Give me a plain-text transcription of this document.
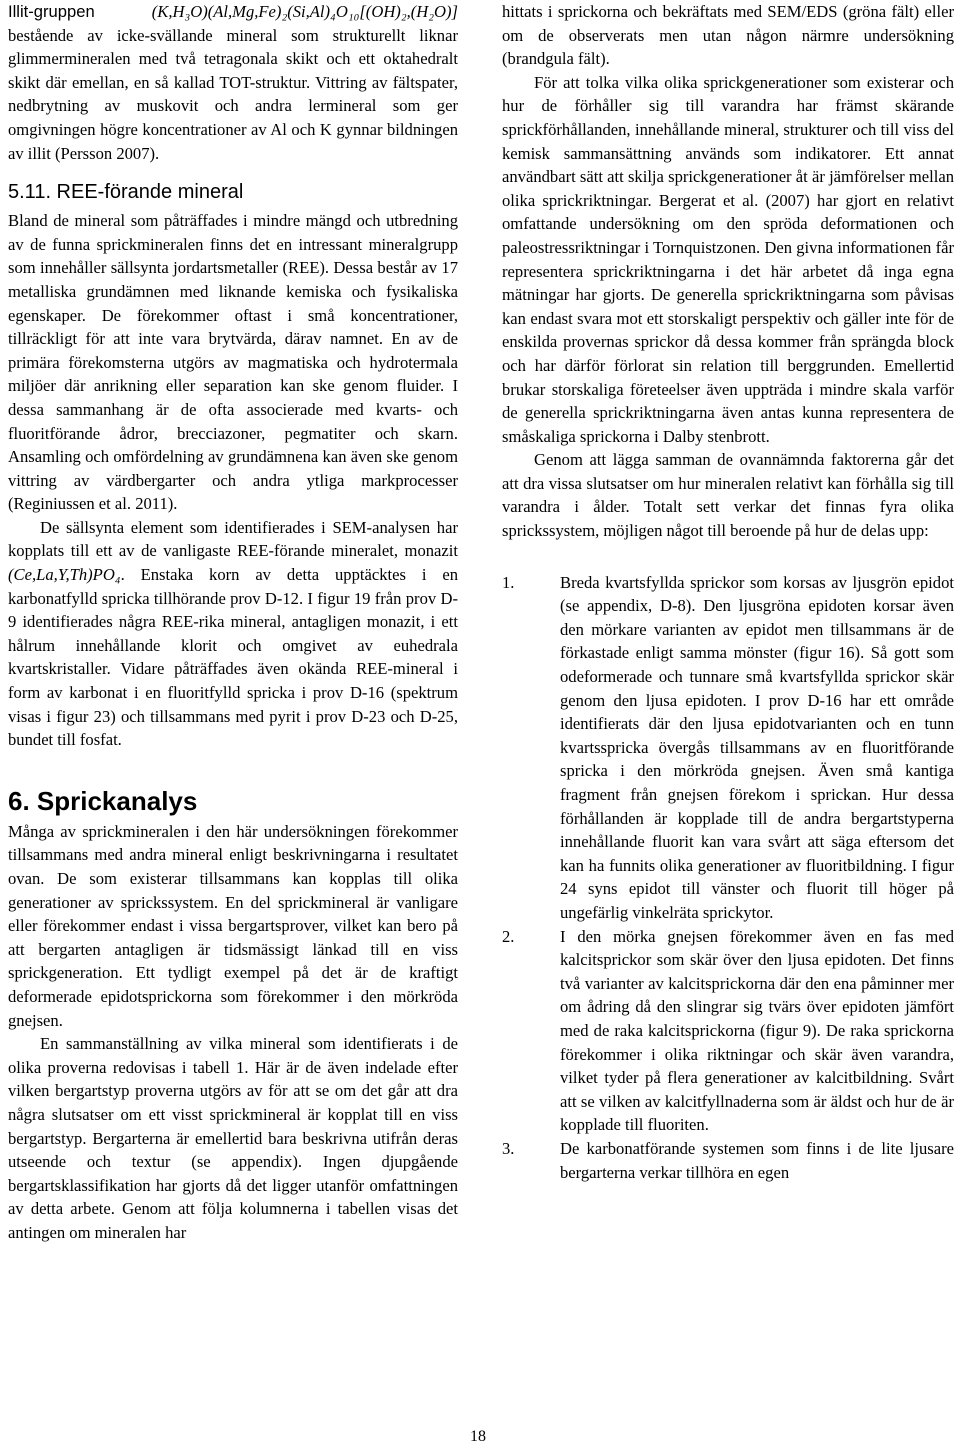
Illit-gruppen	(K,H₃O)(Al,Mg,Fe)₂(Si,Al)₄O₁₀[(OH)₂,(H₂O)] bestående av icke-svällande mineral som strukturellt liknar glimmermineralen med två tetragonala skikt och ett oktahedralt skikt där emellan, en så kallad TOT-struktur. Vittring av fältspater, nedbrytning av muskovit och andra lermineral som ger omgivningen högre koncentrationer av Al och K gynnar bildningen av illit (Persson 2007).

5.11. REE-förande mineral

Bland de mineral som påträffades i mindre mängd och utbredning av de funna sprickmineralen finns det en intressant mineralgrupp som innehåller sällsynta jordartsmetaller (REE). Dessa består av 17 metalliska grundämnen med liknande kemiska och fysikaliska egenskaper. De förekommer oftast i små koncentrationer, tillräckligt för att inte vara brytvärda, därav namnet. En av de primära förekomsterna utgörs av magmatiska och hydrotermala miljöer där anrikning eller separation kan ske genom fluider. I dessa sammanhang är de ofta associerade med kvarts- och fluoritförande ådror, brecciazoner, pegmatiter och skarn. Ansamling och omfördelning av grundämnena kan även ske genom vittring av värdbergarter och andra ytliga markprocesser (Reginiussen et al. 2011).

De sällsynta element som identifierades i SEM-analysen har kopplats till ett av de vanligaste REE-förande mineralet, monazit (Ce,La,Y,Th)PO₄. Enstaka korn av detta upptäcktes i en karbonatfylld spricka tillhörande prov D-12. I figur 19 från prov D-9 identifierades några REE-rika mineral, antagligen monazit, i ett hålrum innehållande klorit och omgivet av euhedrala kvartskristaller. Vidare påträffades även okända REE-mineral i form av karbonat i en fluoritfylld spricka i prov D-16 (spektrum visas i figur 23) och tillsammans med pyrit i prov D-23 och D-25, bundet till fosfat.

6. Sprickanalys

Många av sprickmineralen i den här undersökningen förekommer tillsammans med andra mineral enligt beskrivningarna i resultatet ovan. De som existerar tillsammans kan kopplas till olika generationer av sprickssystem. En del sprickmineral är vanligare eller förekommer endast i vissa bergartsprover, vilket kan bero på att bergarten antagligen är tidsmässigt länkad till en viss sprickgeneration. Ett tydligt exempel på det är de kraftigt deformerade epidotsprickorna som förekommer i den mörkröda gnejsen.

En sammanställning av vilka mineral som identifierats i de olika proverna redovisas i tabell 1. Här är de även indelade efter vilken bergartstyp proverna utgörs av för att se om det går att dra några slutsatser om ett visst sprickmineral är kopplat till en viss bergartstyp. Bergarterna är emellertid bara beskrivna utifrån deras utseende och textur (se appendix). Ingen djupgående bergartsklassifikation har gjorts då det ligger utanför omfattningen av detta arbete. Genom att följa kolumnerna i tabellen visas det antingen om mineralen har

hittats i sprickorna och bekräftats med SEM/EDS (gröna fält) eller om de observerats men utan någon närmre undersökning (brandgula fält).

För att tolka vilka olika sprickgenerationer som existerar och hur de förhåller sig till varandra har främst skärande sprickförhållanden, innehållande mineral, strukturer och till viss del kemisk sammansättning används som indikatorer. Ett annat användbart sätt att skilja sprickgenerationer åt är jämförelser mellan olika sprickriktningar. Bergerat et al. (2007) har gjort en relativt omfattande undersökning om den spröda deformationen och paleostressriktningar i Tornquistzonen. Den givna informationen får representera sprickriktningarna i det här arbetet då inga egna mätningar har gjorts. De generella sprickriktningarna som påvisas kan endast svara mot ett storskaligt perspektiv och gäller inte för de enskilda provernas sprickor då dessa kommer från sprängda block och har därför förlorat sin relation till berggrunden. Emellertid brukar storskaliga företeelser även uppträda i mindre skala varför de generella sprickriktningarna även antas kunna representera de småskaliga sprickorna i Dalby stenbrott.

Genom att lägga samman de ovannämnda faktorerna går det att dra vissa slutsatser om hur mineralen relativt kan förhålla sig till varandra i ålder. Totalt sett verkar det finnas fyra olika sprickssystem, möjligen något till beroende på hur de delas upp:

1.	Breda kvartsfyllda sprickor som korsas av ljusgrön epidot (se appendix, D-8). Den ljusgröna epidoten korsar även den mörkare varianten av epidot men tillsammans är de förkastade enligt samma mönster (figur 16). Så gott som odeformerade och tunnare små kvartsfyllda sprickor skär genom den ljusa epidoten. I prov D-16 har ett område identifierats där den ljusa epidotvarianten och en tunn kvartsspricka övergås tillsammans av en fluoritförande spricka i den mörkröda gnejsen. Även små kantiga fragment från gnejsen förekom i sprickan. Hur dessa förhållanden är kopplade till de andra bergartstyperna innehållande fluorit kan vara svårt att säga eftersom det kan ha funnits olika generationer av fluoritbildning. I figur 24 syns epidot till vänster och fluorit till höger på ungefärlig vinkelräta sprickytor.
2.	I den mörka gnejsen förekommer även en fas med kalcitsprickor som skär över den ljusa epidoten. Det finns två varianter av kalcitsprickorna där den ena påminner mer om ådring då den slingrar sig tvärs över epidoten jämfört med de raka kalcitsprickorna (figur 9). De raka sprickorna förekommer i olika riktningar och skär även varandra, vilket tyder på flera generationer av kalcitbildning. Svårt att se vilken av kalcitfyllnaderna som är äldst och hur de är kopplade till fluoriten.
3.	De karbonatförande systemen som finns i de lite ljusare bergarterna verkar tillhöra en egen
18
